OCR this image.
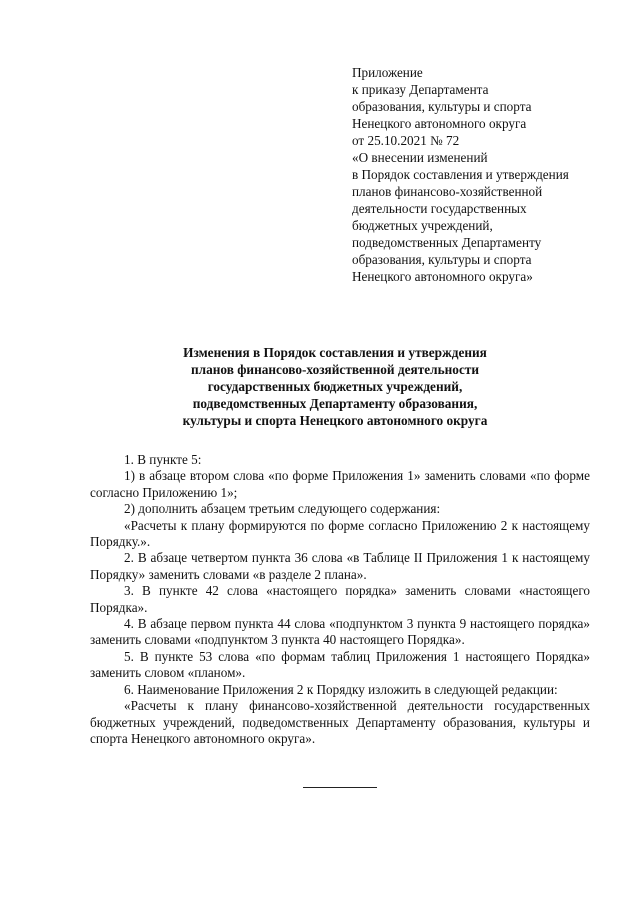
Приложение
к приказу Департамента
образования, культуры и спорта
Ненецкого автономного округа
от 25.10.2021 № 72
«О внесении изменений
в Порядок составления и утверждения
планов финансово-хозяйственной
деятельности государственных
бюджетных учреждений,
подведомственных Департаменту
образования, культуры и спорта
Ненецкого автономного округа»
Изменения в Порядок составления и утверждения
планов финансово-хозяйственной деятельности
государственных бюджетных учреждений,
подведомственных Департаменту образования,
культуры и спорта Ненецкого автономного округа

1. В пункте 5:

1) в абзаце втором слова «по форме Приложения 1» заменить словами «по форме согласно Приложению 1»;

2) дополнить абзацем третьим следующего содержания:

«Расчеты к плану формируются по форме согласно Приложению 2 к настоящему Порядку.».

2. В абзаце четвертом пункта 36 слова «в Таблице II Приложения 1 к настоящему Порядку» заменить словами «в разделе 2 плана».

3. В пункте 42 слова «настоящего порядка» заменить словами «настоящего Порядка».

4. В абзаце первом пункта 44 слова «подпунктом 3 пункта 9 настоящего порядка» заменить словами «подпунктом 3 пункта 40 настоящего Порядка».

5. В пункте 53 слова «по формам таблиц Приложения 1 настоящего Порядка» заменить словом «планом».

6. Наименование Приложения 2 к Порядку изложить в следующей редакции:

«Расчеты к плану финансово-хозяйственной деятельности государственных бюджетных учреждений, подведомственных Департаменту образования, культуры и спорта Ненецкого автономного округа».
